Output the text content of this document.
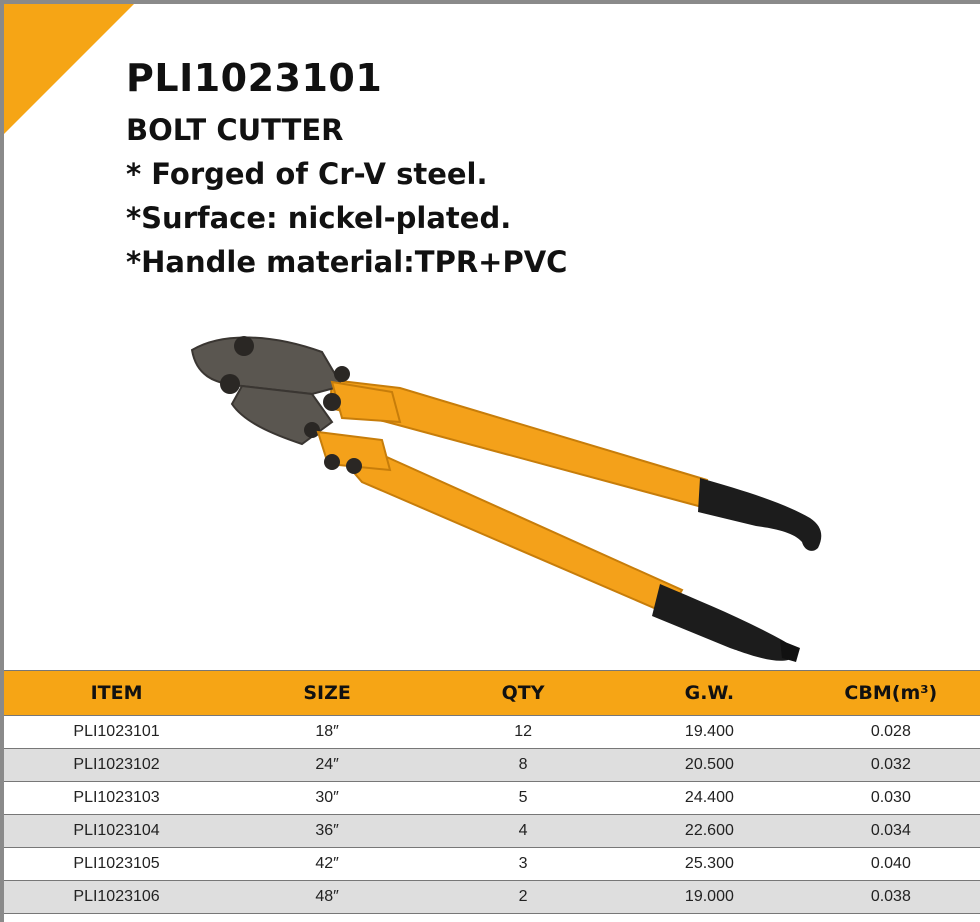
PLI1023101
BOLT CUTTER
* Forged of Cr-V steel.
*Surface: nickel-plated.
*Handle material:TPR+PVC
ITEM	SIZE	QTY	G.W.	CBM(m³)
PLI1023101	18″	12	19.400	0.028
PLI1023102	24″	8	20.500	0.032
PLI1023103	30″	5	24.400	0.030
PLI1023104	36″	4	22.600	0.034
PLI1023105	42″	3	25.300	0.040
PLI1023106	48″	2	19.000	0.038
